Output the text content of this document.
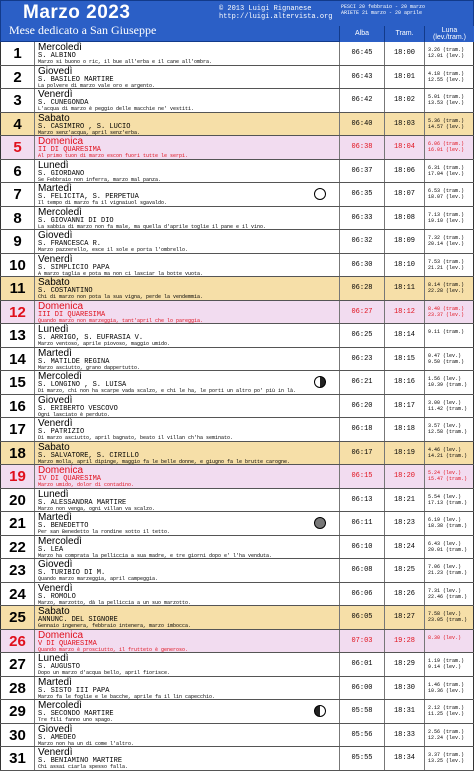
Marzo 2023
Mese dedicato a San Giuseppe
© 2013 Luigi Rignanese
http://luigi.altervista.org
PESCI 20 febbraio - 20 marzo
ARIETE 21 marzo - 20 aprile
Alba	Tram.	Luna
(lev./tram.)
1	Mercoledì
S. ALBINO
Marzo si buono o ric, il bue all'erba e il cane all'ombra.
06:45	18:00	3.26 (tram.)
12.01 (lev.)
2	Giovedì
S. BASILEO MARTIRE
La polvere di marzo vale oro e argento.
06:43	18:01	4.18 (tram.)
12.55 (lev.)
3	Venerdì
S. CUNEGONDA
L'acqua di marzo è peggio delle macchie ne' vestiti.
06:42	18:02	5.01 (tram.)
13.53 (lev.)
4	Sabato
S. CASIMIRO , S. LUCIO
Marzo senz'acqua, april senz'erba.
06:40	18:03	5.36 (tram.)
14.57 (lev.)
5	Domenica
II DI QUARESIMA
Al primo tuon di marzo escon fuori tutte le serpi.
06:38	18:04	6.06 (tram.)
16.01 (lev.)
6	Lunedì
S. GIORDANO
Se Febbraio non inferra, marzo mal panza.
06:37	18:06	6.31 (tram.)
17.04 (lev.)
7	Martedì
S. FELICITA, S. PERPETUA
Il tempo di marzo fa il vignaiuol sgavaldo.
06:35	18:07	6.53 (tram.)
18.07 (lev.)
8	Mercoledì
S. GIOVANNI DI DIO
La sabbia di marzo non fa male, ma quella d'aprile toglie il pane e il vino.
06:33	18:08	7.13 (tram.)
19.10 (lev.)
9	Giovedì
S. FRANCESCA R.
Marzo pazzerello, esce il sole e porta l'ombrello.
06:32	18:09	7.32 (tram.)
20.14 (lev.)
10	Venerdì
S. SIMPLICIO PAPA
A marzo taglia e pota ma non ci lasciar la botte vuota.
06:30	18:10	7.53 (tram.)
21.21 (lev.)
11	Sabato
S. COSTANTINO
Chi di marzo non pota la sua vigna, perde la vendemmia.
06:28	18:11	8.14 (tram.)
22.28 (lev.)
12	Domenica
III DI QUARESIMA
Quando marzo non marzeggia, tant'april che lo pareggia.
06:27	18:12	8.40 (tram.)
23.37 (lev.)
13	Lunedì
S. ARRIGO, S. EUFRASIA V.
Marzo ventoso, aprile piovoso, maggio umido.
06:25	18:14	9.11 (tram.)
14	Martedì
S. MATILDE REGINA
Marzo asciutto, grano dappertutto.
06:23	18:15	0.47 (lev.)
9.50 (tram.)
15	Mercoledì
S. LONGINO , S. LUISA
Di marzo, chi non ha scarpe vada scalzo, e chi le ha, le porti un altro po' più in là.
06:21	18:16	1.56 (lev.)
10.39 (tram.)
16	Giovedì
S. ERIBERTO VESCOVO
Ogni lasciato è perduto.
06:20	18:17	3.00 (lev.)
11.42 (tram.)
17	Venerdì
S. PATRIZIO
Di marzo asciutto, april bagnato, beato il villan ch'ha seminato.
06:18	18:18	3.57 (lev.)
12.58 (tram.)
18	Sabato
S. SALVATORE, S. CIRILLO
Marzo molla, april dipinge, maggio fa le belle donne, e giugno fa le brutte carogne.
06:17	18:19	4.46 (lev.)
14.21 (tram.)
19	Domenica
IV DI QUARESIMA
Marzo umido, dolor di contadino.
06:15	18:20	5.24 (lev.)
15.47 (tram.)
20	Lunedì
S. ALESSANDRA MARTIRE
Marzo non venga, ogni villan va scalzo.
06:13	18:21	5.54 (lev.)
17.13 (tram.)
21	Martedì
S. BENEDETTO
Per san Benedetto la rondine sotto il tetto.
06:11	18:23	6.19 (lev.)
18.38 (tram.)
22	Mercoledì
S. LEA
Marzo ha comprata la pelliccia a sua madre, e tre giorni dopo e' l'ha venduta.
06:10	18:24	6.43 (lev.)
20.01 (tram.)
23	Giovedì
S. TURIBIO DI M.
Quando marzo marzeggia, april campeggia.
06:08	18:25	7.06 (lev.)
21.23 (tram.)
24	Venerdì
S. ROMOLO
Marzo, marzotto, dà la pelliccia a un suo marzotto.
06:06	18:26	7.31 (lev.)
22.46 (tram.)
25	Sabato
ANNUNC. DEL SIGNORE
Gennaio ingenera, febbraio intenera, marzo imbocca.
06:05	18:27	7.58 (lev.)
23.05 (tram.)
26	Domenica
V DI QUARESIMA
Quando marzo è prosciutto, il frutteto è generoso.
07:03	19:28	8.30 (lev.)
27	Lunedì
S. AUGUSTO
Dopo un marzo d'acqua bello, april fiorisce.
06:01	18:29	1.19 (tram.)
9.14 (lev.)
28	Martedì
S. SISTO III PAPA
Marzo fa le foglie e le bacche, aprile fa il lin capecchio.
06:00	18:30	1.46 (tram.)
10.36 (lev.)
29	Mercoledì
S. SECONDO MARTIRE
Tre fili fanno uno spago.
05:58	18:31	2.12 (tram.)
11.25 (lev.)
30	Giovedì
S. AMEDEO
Marzo non ha un dì come l'altro.
05:56	18:33	2.56 (tram.)
12.24 (lev.)
31	Venerdì
S. BENIAMINO MARTIRE
Chi assai ciarla spesso falla.
05:55	18:34	3.37 (tram.)
13.25 (lev.)
